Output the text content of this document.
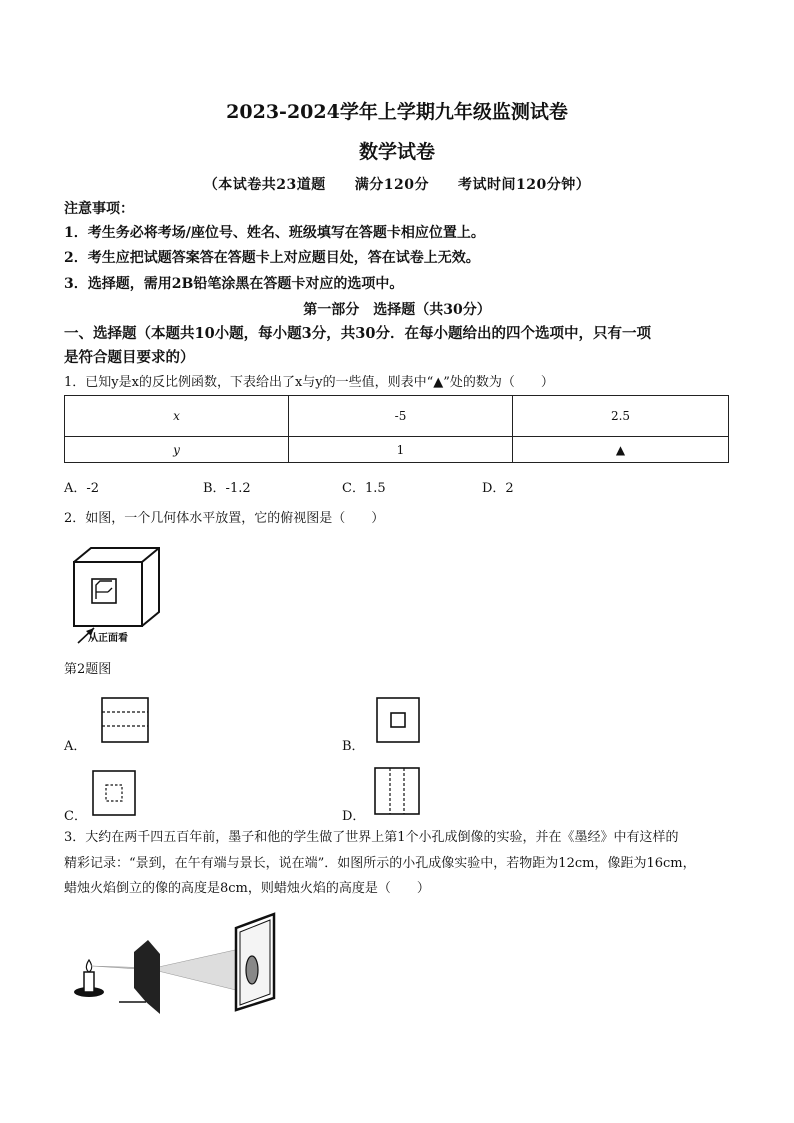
2023-2024学年上学期九年级监测试卷
数学试卷
（本试卷共23道题　　满分120分　　考试时间120分钟）
注意事项：
1．考生务必将考场/座位号、姓名、班级填写在答题卡相应位置上。
2．考生应把试题答案答在答题卡上对应题目处，答在试卷上无效。
3．选择题，需用2B铅笔涂黑在答题卡对应的选项中。
第一部分　选择题（共30分）
一、选择题（本题共10小题，每小题3分，共30分．在每小题给出的四个选项中，只有一项
是符合题目要求的）
1．已知y是x的反比例函数，下表给出了x与y的一些值，则表中“▲”处的数为（　　）
x	-5	2.5
y	1	▲
A．-2	B．-1.2	C．1.5	D．2
2．如图，一个几何体水平放置，它的俯视图是（　　）
从正面看
第2题图
A．	B．
C．	D．
3．大约在两千四五百年前，墨子和他的学生做了世界上第1个小孔成倒像的实验，并在《墨经》中有这样的
精彩记录：“景到，在午有端与景长，说在端”．如图所示的小孔成像实验中，若物距为12cm，像距为16cm，
蜡烛火焰倒立的像的高度是8cm，则蜡烛火焰的高度是（　　）
